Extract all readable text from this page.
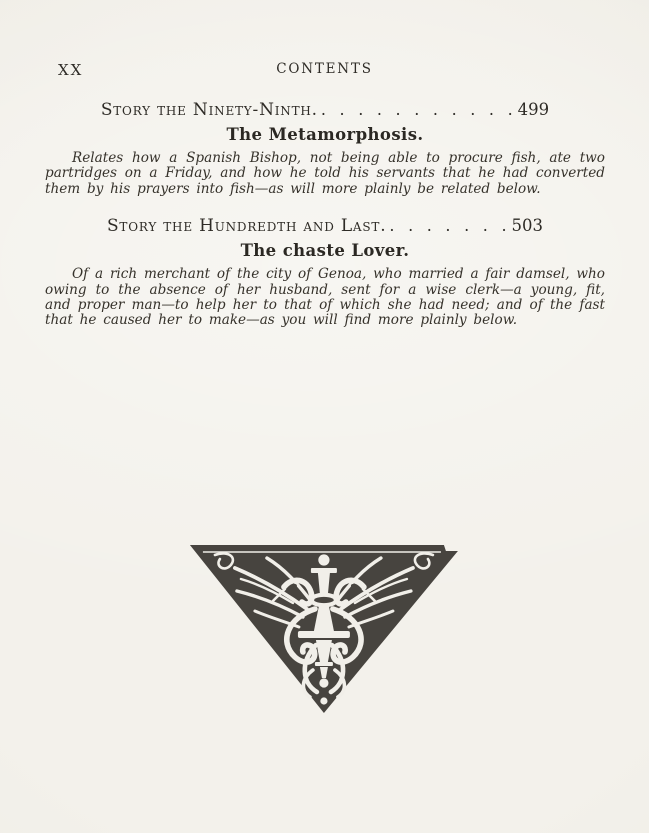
XX	CONTENTS
Story the Ninety-Ninth. . . . . . . . . . . . 499
The Metamorphosis.
Relates how a Spanish Bishop, not being able to procure fish, ate two partridges on a Friday, and how he told his servants that he had converted them by his prayers into fish—as will more plainly be related below.
Story the Hundredth and Last. . . . . . . . 503
The chaste Lover.
Of a rich merchant of the city of Genoa, who married a fair damsel, who owing to the absence of her husband, sent for a wise clerk—a young, fit, and proper man—to help her to that of which she had need; and of the fast that he caused her to make—as you will find more plainly below.
